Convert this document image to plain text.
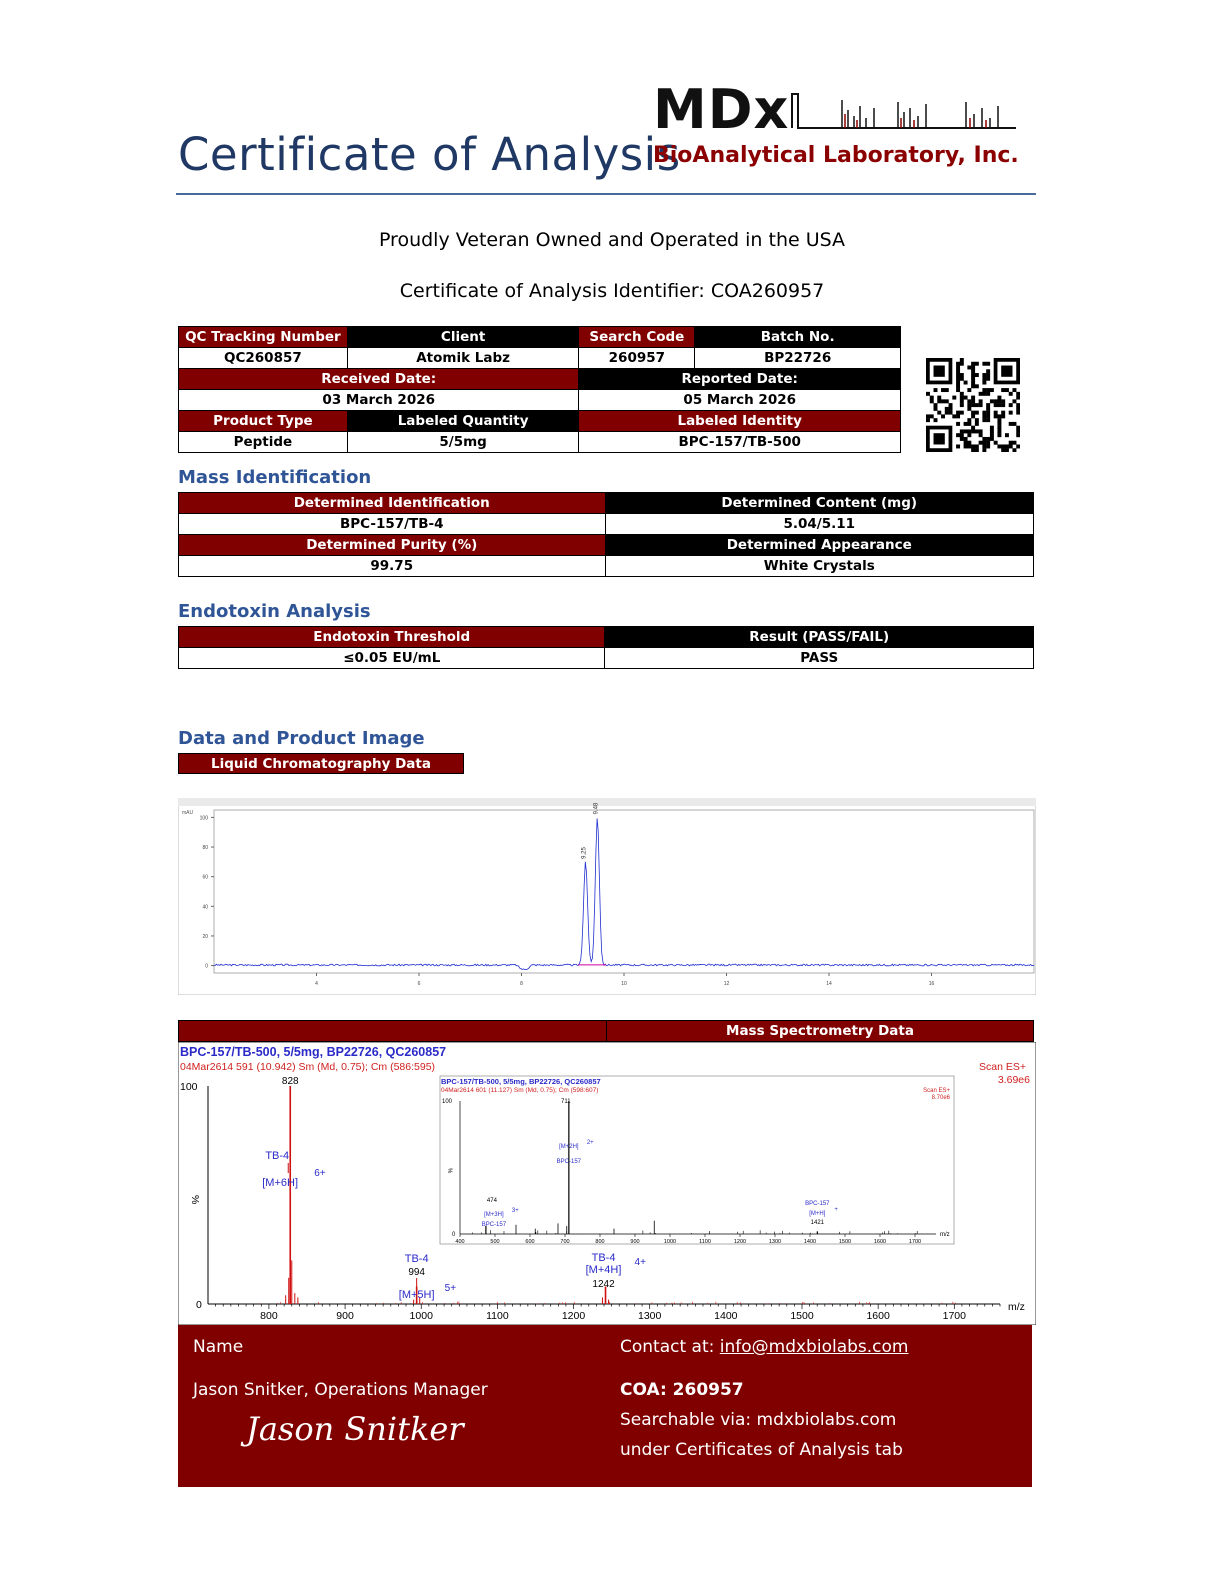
Certificate of Analysis
MDx
BioAnalytical Laboratory, Inc.
Proudly Veteran Owned and Operated in the USA
Certificate of Analysis Identifier: COA260957
QC Tracking Number	Client	Search Code	Batch No.
QC260857	Atomik Labz	260957	BP22726
Received Date:		Reported Date:	
03 March 2026		05 March 2026	
Product Type	Labeled Quantity	Labeled Identity	
Peptide	5/5mg	BPC-157/TB-500	
Mass Identification
Determined Identification	Determined Content (mg)
BPC-157/TB-4	5.04/5.11
Determined Purity (%)	Determined Appearance
99.75	White Crystals
Endotoxin Analysis
Endotoxin Threshold	Result (PASS/FAIL)
≤0.05 EU/mL	PASS
Data and Product Image
Liquid Chromatography Data
mAU
0
20
40
60
80
100
4	6	8	10	12	14	16
9.25
9.48
Mass Spectrometry Data
BPC-157/TB-500, 5/5mg, BP22726, QC260857
04Mar2614 591 (10.942) Sm (Md, 0.75); Cm (586:595)	Scan ES+
3.69e6
100
0
%
m/z
800	900	1000	1100	1200	1300	1400	1500	1600	1700
828
TB-4
[M+6H]
6+
TB-4
994
[M+5H]
5+
TB-4
[M+4H]
4+
1242
BPC-157/TB-500, 5/5mg, BP22726, QC260857
04Mar2614 601 (11.127) Sm (Md, 0.75); Cm (598:607)	Scan ES+
8.70e6
100
0
%
m/z
400	500	600	700	800	900	1000	1100	1200	1300	1400	1500	1600	1700
711
[M+2H]
2+
BPC-157
474
[M+3H]
3+
BPC-157
BPC-157
[M+H]
+
1421
Name
Jason Snitker, Operations Manager
Jason Snitker
Contact at: info@mdxbiolabs.com
COA: 260957
Searchable via: mdxbiolabs.com
under Certificates of Analysis tab
